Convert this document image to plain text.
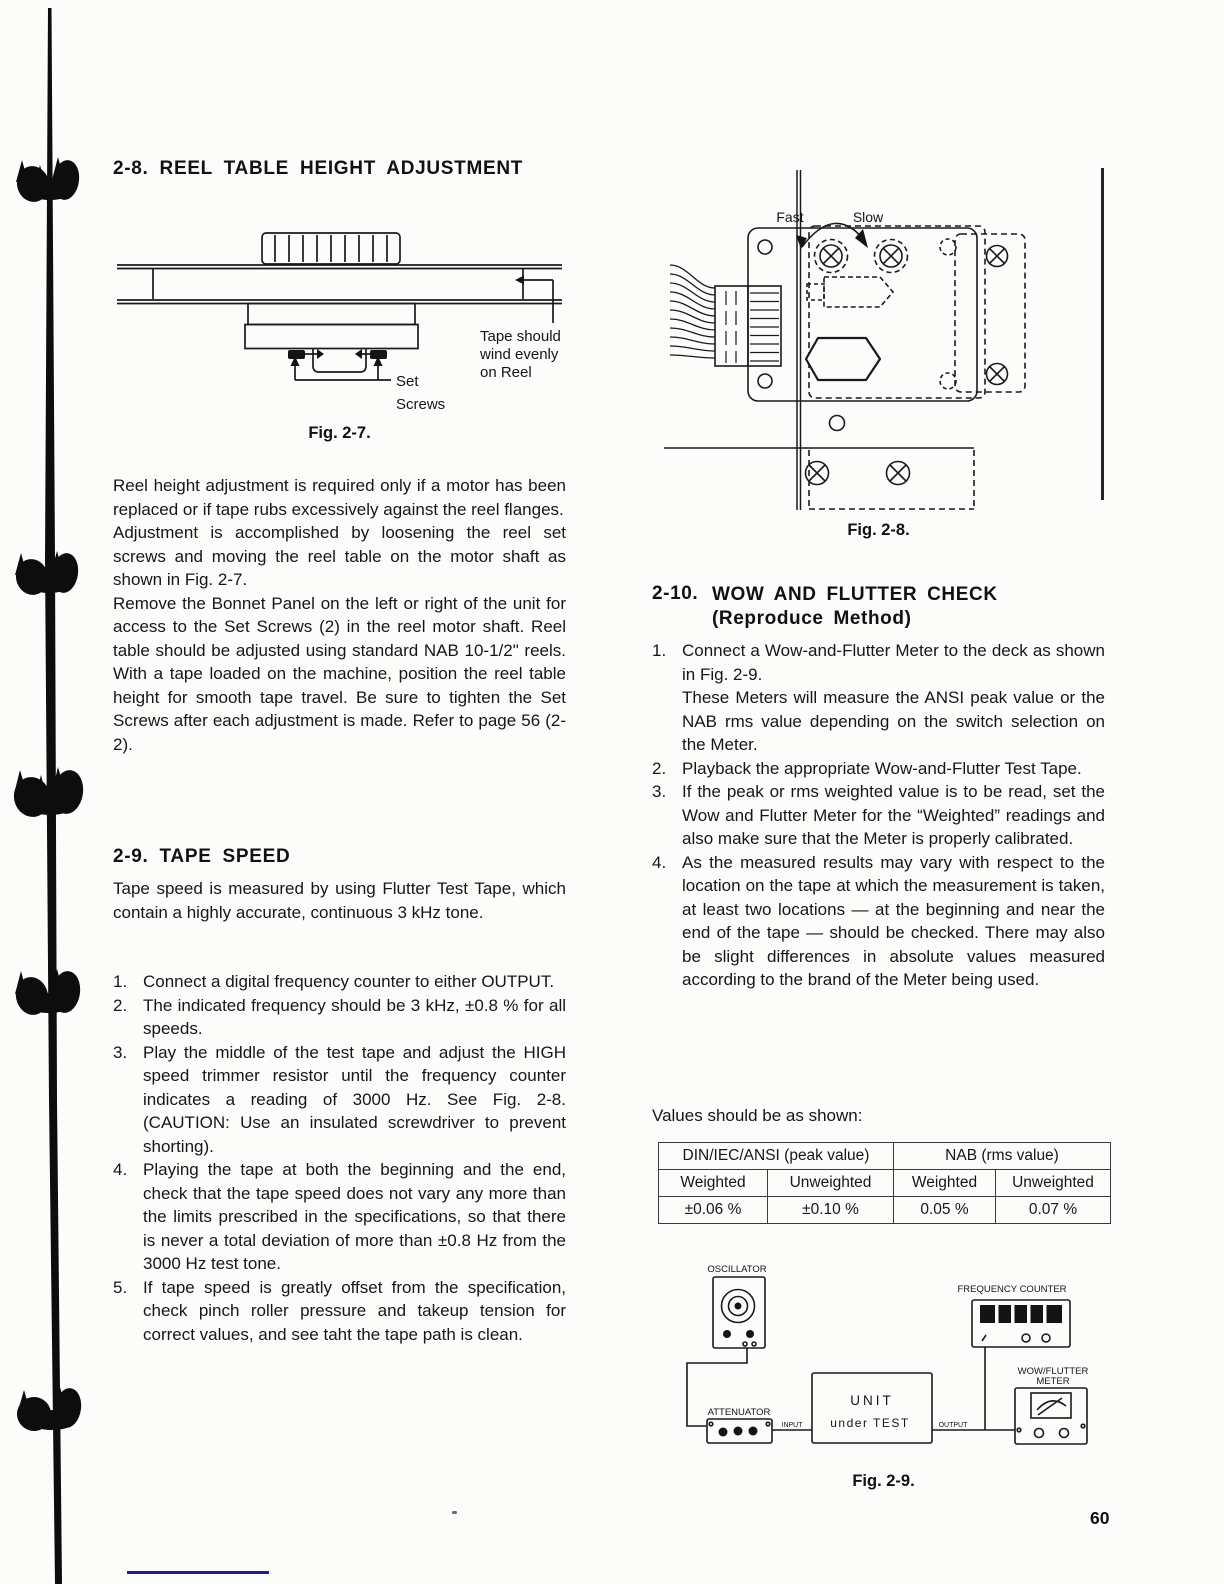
2-8. REEL TABLE HEIGHT ADJUSTMENT
Tape should
wind evenly
on Reel
Set
Screws
Fig. 2-7.

Reel height adjustment is required only if a motor has been replaced or if tape rubs excessively against the reel flanges.

Adjustment is accomplished by loosening the reel set screws and moving the reel table on the motor shaft as shown in Fig. 2-7.

Remove the Bonnet Panel on the left or right of the unit for access to the Set Screws (2) in the reel motor shaft. Reel table should be adjusted using standard NAB 10-1/2" reels. With a tape loaded on the machine, position the reel table height for smooth tape travel. Be sure to tighten the Set Screws after each adjustment is made. Refer to page 56 (2-2).

2-9. TAPE SPEED
Tape speed is measured by using Flutter Test Tape, which contain a highly accurate, continuous 3 kHz tone.
1. Connect a digital frequency counter to either OUTPUT.
2. The indicated frequency should be 3 kHz, ±0.8 % for all speeds.
3. Play the middle of the test tape and adjust the HIGH speed trimmer resistor until the frequency counter indicates a reading of 3000 Hz. See Fig. 2-8. (CAUTION: Use an insulated screwdriver to prevent shorting).
4. Playing the tape at both the beginning and the end, check that the tape speed does not vary any more than the limits prescribed in the specifications, so that there is never a total deviation of more than ±0.8 Hz from the 3000 Hz test tone.
5. If tape speed is greatly offset from the specification, check pinch roller pressure and takeup tension for correct values, and see taht the tape path is clean.
Fast	Slow
Fig. 2-8.
2-10. WOW AND FLUTTER CHECK
(Reproduce Method)
1. Connect a Wow-and-Flutter Meter to the deck as shown in Fig. 2-9.

These Meters will measure the ANSI peak value or the NAB rms value depending on the switch selection on the Meter.

2. Playback the appropriate Wow-and-Flutter Test Tape.

3. If the peak or rms weighted value is to be read, set the Wow and Flutter Meter for the “Weighted” readings and also make sure that the Meter is properly calibrated.

4. As the measured results may vary with respect to the location on the tape at which the measurement is taken, at least two locations — at the beginning and near the end of the tape — should be checked. There may also be slight differences in absolute values measured according to the brand of the Meter being used.

Values should be as shown:
DIN/IEC/ANSI (peak value)		NAB (rms value)	
Weighted	Unweighted	Weighted	Unweighted
±0.06 %	±0.10 %	0.05 %	0.07 %
OSCILLATOR
FREQUENCY COUNTER
ATTENUATOR
WOW/FLUTTER
METER
INPUT	OUTPUT
UNIT
under TEST
Fig. 2-9.
60
